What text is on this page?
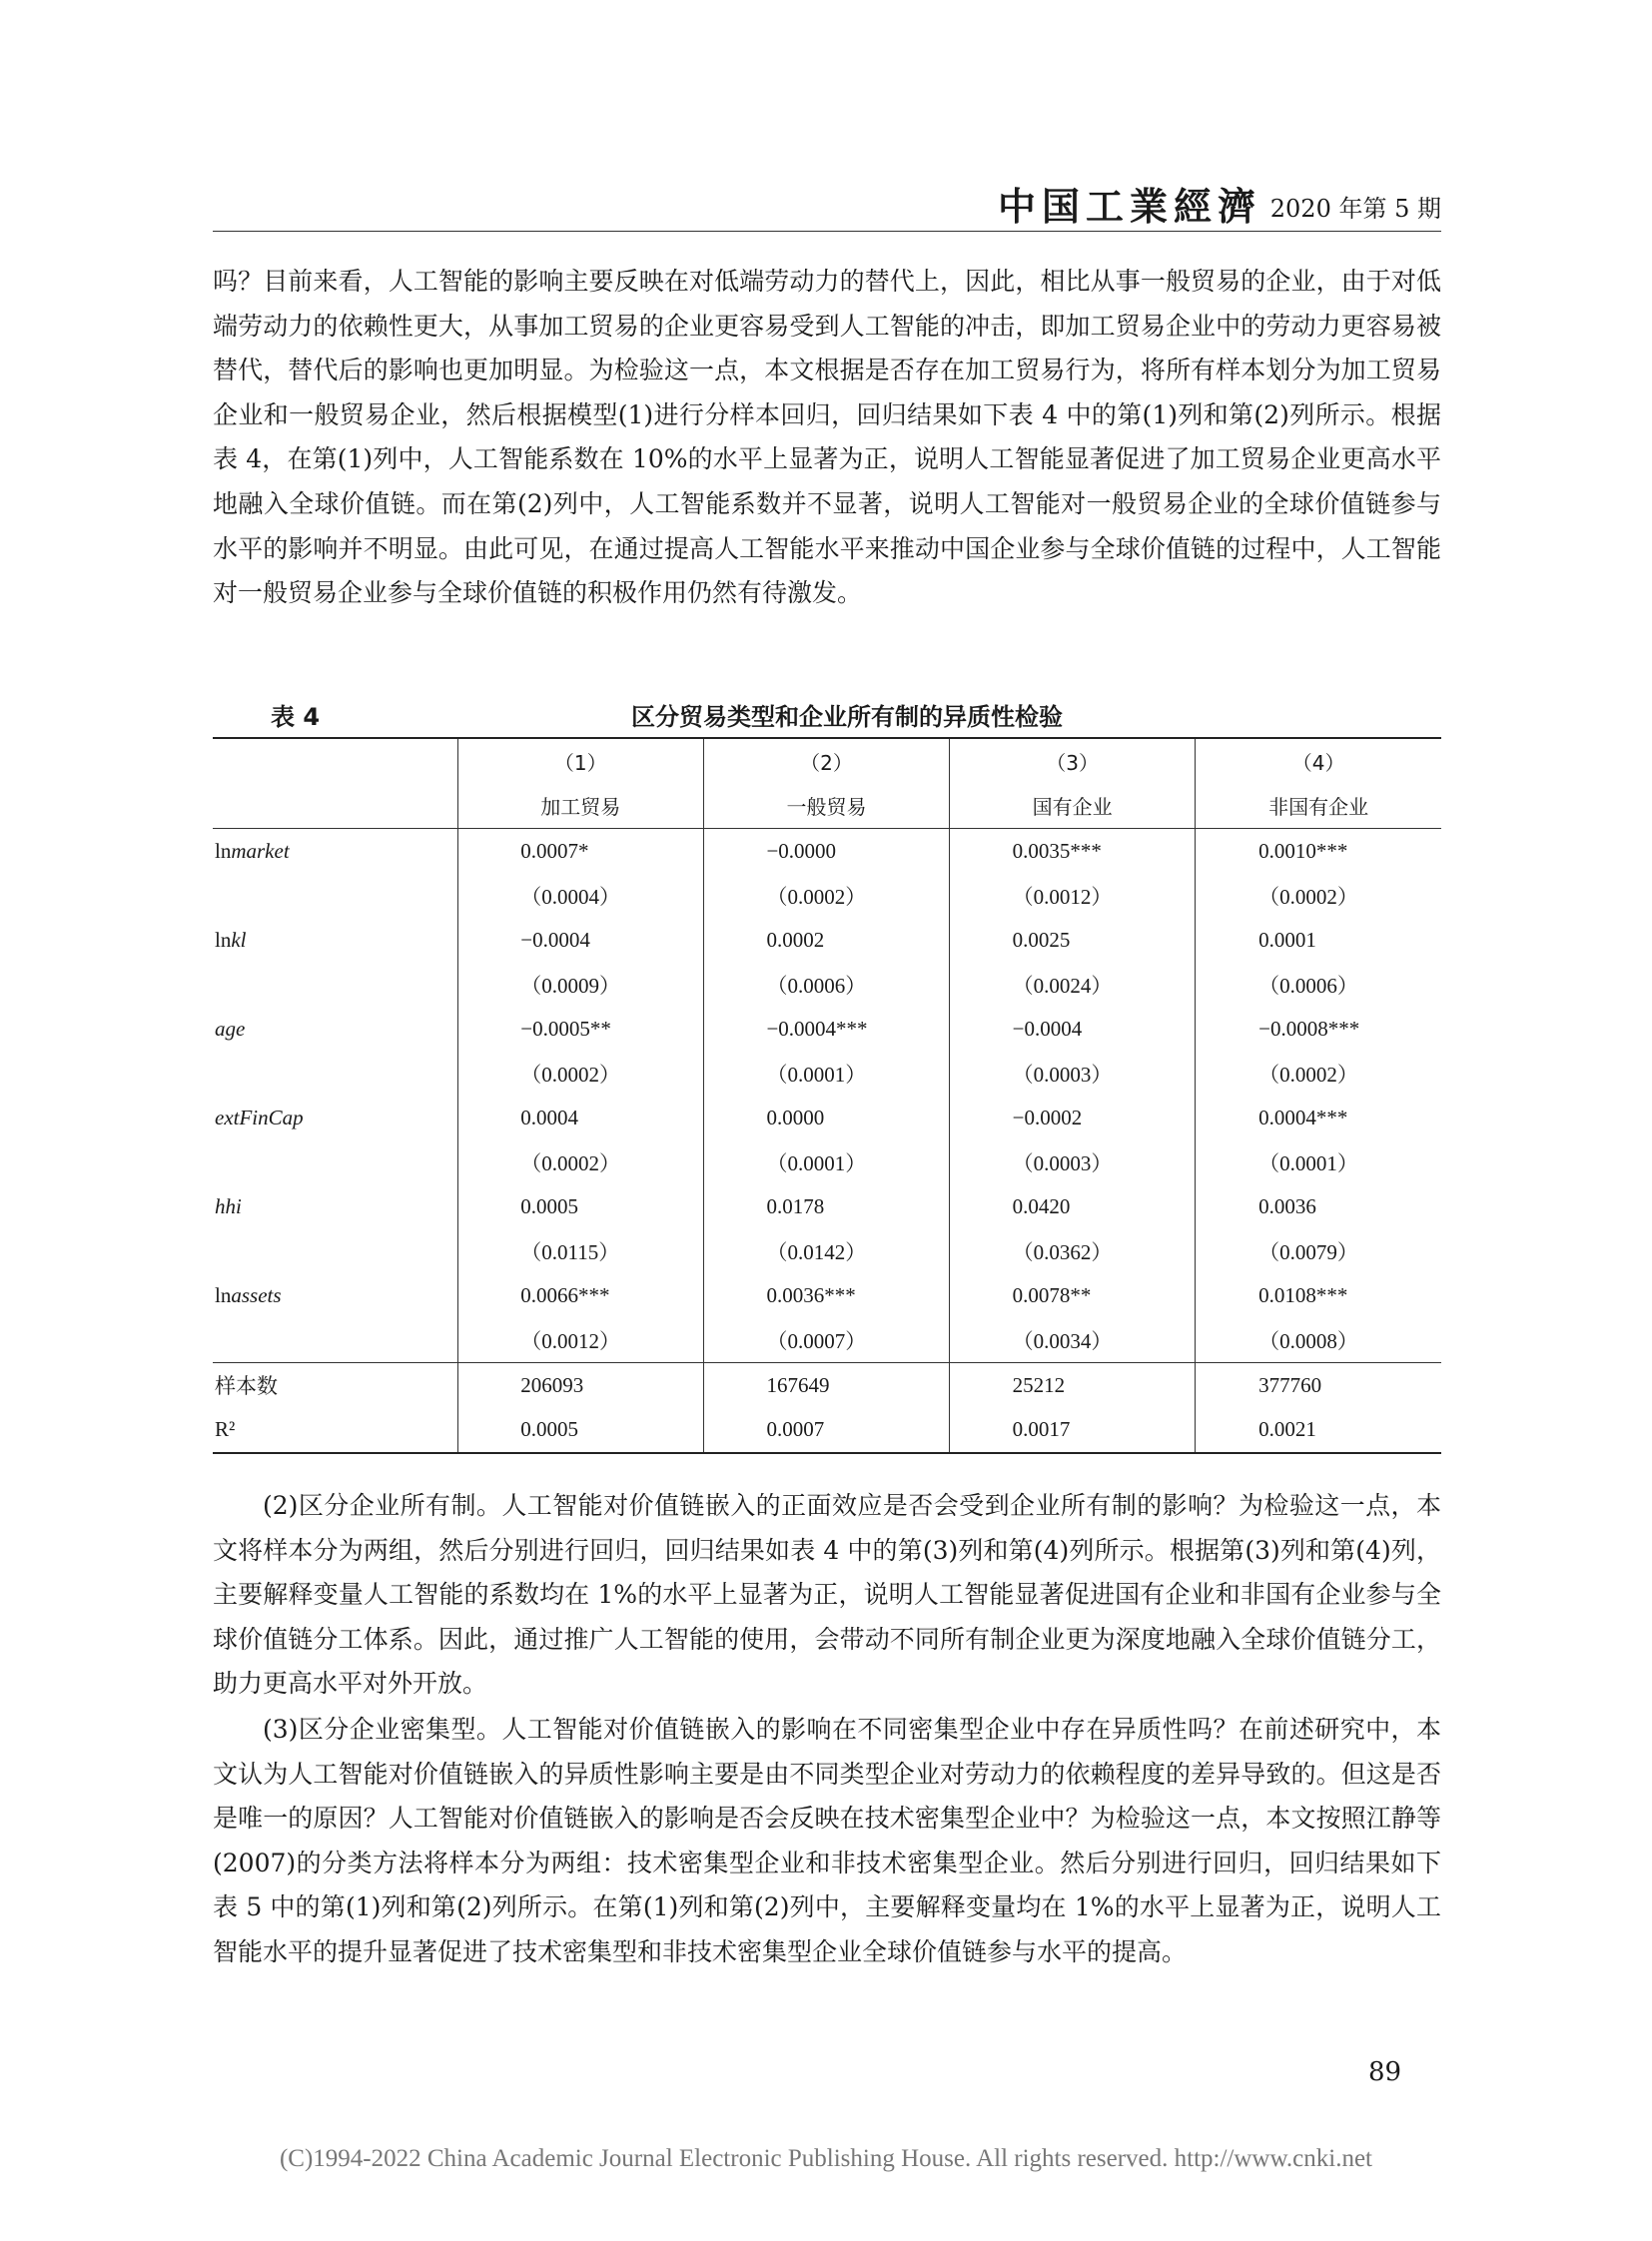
中国工業經濟 2020 年第 5 期

吗？目前来看，人工智能的影响主要反映在对低端劳动力的替代上，因此，相比从事一般贸易的企业，由于对低端劳动力的依赖性更大，从事加工贸易的企业更容易受到人工智能的冲击，即加工贸易企业中的劳动力更容易被替代，替代后的影响也更加明显。为检验这一点，本文根据是否存在加工贸易行为，将所有样本划分为加工贸易企业和一般贸易企业，然后根据模型(1)进行分样本回归，回归结果如下表 4 中的第(1)列和第(2)列所示。根据表 4，在第(1)列中，人工智能系数在 10%的水平上显著为正，说明人工智能显著促进了加工贸易企业更高水平地融入全球价值链。而在第(2)列中，人工智能系数并不显著，说明人工智能对一般贸易企业的全球价值链参与水平的影响并不明显。由此可见，在通过提高人工智能水平来推动中国企业参与全球价值链的过程中，人工智能对一般贸易企业参与全球价值链的积极作用仍然有待激发。

表 4	区分贸易类型和企业所有制的异质性检验
	（1）	（2）	（3）	（4）
	加工贸易	一般贸易	国有企业	非国有企业
lnmarket	0.0007*	−0.0000	0.0035***	0.0010***
	（0.0004）	（0.0002）	（0.0012）	（0.0002）
lnkl	−0.0004	0.0002	0.0025	0.0001
	（0.0009）	（0.0006）	（0.0024）	（0.0006）
age	−0.0005**	−0.0004***	−0.0004	−0.0008***
	（0.0002）	（0.0001）	（0.0003）	（0.0002）
extFinCap	0.0004	0.0000	−0.0002	0.0004***
	（0.0002）	（0.0001）	（0.0003）	（0.0001）
hhi	0.0005	0.0178	0.0420	0.0036
	（0.0115）	（0.0142）	（0.0362）	（0.0079）
lnassets	0.0066***	0.0036***	0.0078**	0.0108***
	（0.0012）	（0.0007）	（0.0034）	（0.0008）
样本数	206093	167649	25212	377760
R²	0.0005	0.0007	0.0017	0.0021

(2)区分企业所有制。人工智能对价值链嵌入的正面效应是否会受到企业所有制的影响？为检验这一点，本文将样本分为两组，然后分别进行回归，回归结果如表 4 中的第(3)列和第(4)列所示。根据第(3)列和第(4)列，主要解释变量人工智能的系数均在 1%的水平上显著为正，说明人工智能显著促进国有企业和非国有企业参与全球价值链分工体系。因此，通过推广人工智能的使用，会带动不同所有制企业更为深度地融入全球价值链分工，助力更高水平对外开放。

(3)区分企业密集型。人工智能对价值链嵌入的影响在不同密集型企业中存在异质性吗？在前述研究中，本文认为人工智能对价值链嵌入的异质性影响主要是由不同类型企业对劳动力的依赖程度的差异导致的。但这是否是唯一的原因？人工智能对价值链嵌入的影响是否会反映在技术密集型企业中？为检验这一点，本文按照江静等(2007)的分类方法将样本分为两组：技术密集型企业和非技术密集型企业。然后分别进行回归，回归结果如下表 5 中的第(1)列和第(2)列所示。在第(1)列和第(2)列中，主要解释变量均在 1%的水平上显著为正，说明人工智能水平的提升显著促进了技术密集型和非技术密集型企业全球价值链参与水平的提高。

89
(C)1994-2022 China Academic Journal Electronic Publishing House. All rights reserved. http://www.cnki.net
